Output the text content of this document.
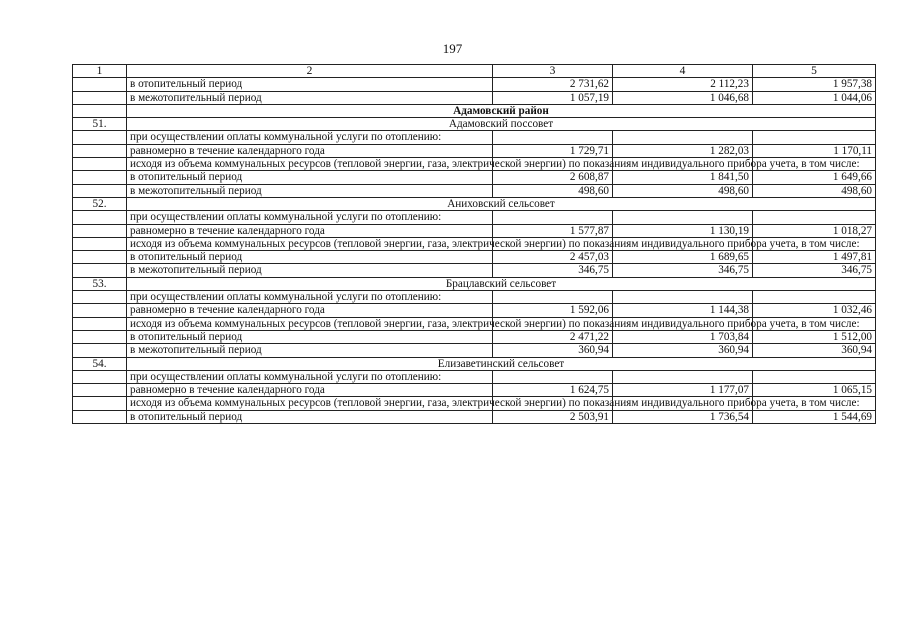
197
1	2	3	4	5
	в отопительный период	2 731,62	2 112,23	1 957,38
	в межотопительный период	1 057,19	1 046,68	1 044,06
	Адамовский район			
51.	Адамовский поссовет			
	при осуществлении оплаты коммунальной услуги по отоплению:			
	равномерно в течение календарного года	1 729,71	1 282,03	1 170,11
	исходя из объема коммунальных ресурсов (тепловой энергии, газа, электрической энергии) по показаниям индивидуального прибора учета, в том числе:			
	в отопительный период	2 608,87	1 841,50	1 649,66
	в межотопительный период	498,60	498,60	498,60
52.	Аниховский сельсовет			
	при осуществлении оплаты коммунальной услуги по отоплению:			
	равномерно в течение календарного года	1 577,87	1 130,19	1 018,27
	исходя из объема коммунальных ресурсов (тепловой энергии, газа, электрической энергии) по показаниям индивидуального прибора учета, в том числе:			
	в отопительный период	2 457,03	1 689,65	1 497,81
	в межотопительный период	346,75	346,75	346,75
53.	Брацлавский сельсовет			
	при осуществлении оплаты коммунальной услуги по отоплению:			
	равномерно в течение календарного года	1 592,06	1 144,38	1 032,46
	исходя из объема коммунальных ресурсов (тепловой энергии, газа, электрической энергии) по показаниям индивидуального прибора учета, в том числе:			
	в отопительный период	2 471,22	1 703,84	1 512,00
	в межотопительный период	360,94	360,94	360,94
54.	Елизаветинский сельсовет			
	при осуществлении оплаты коммунальной услуги по отоплению:			
	равномерно в течение календарного года	1 624,75	1 177,07	1 065,15
	исходя из объема коммунальных ресурсов (тепловой энергии, газа, электрической энергии) по показаниям индивидуального прибора учета, в том числе:			
	в отопительный период	2 503,91	1 736,54	1 544,69
